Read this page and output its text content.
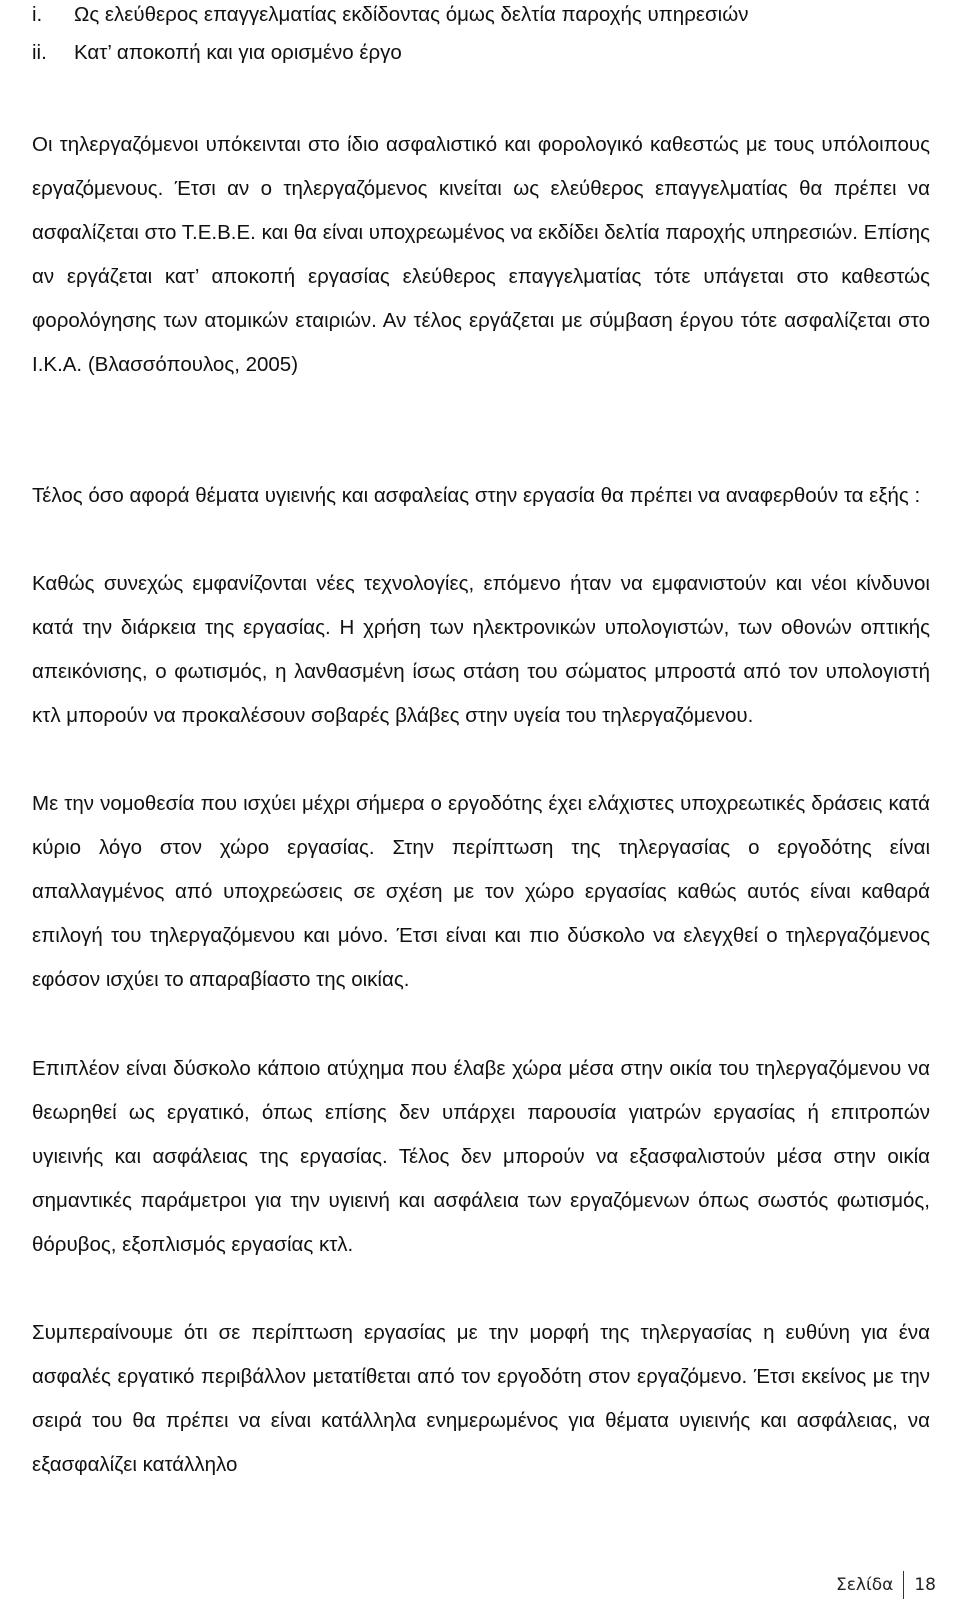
i. Ως ελεύθερος επαγγελματίας εκδίδοντας όμως δελτία παροχής υπηρεσιών
ii. Κατ’ αποκοπή και για ορισμένο έργο

Οι τηλεργαζόμενοι υπόκεινται στο ίδιο ασφαλιστικό και φορολογικό καθεστώς με τους υπόλοιπους εργαζόμενους. Έτσι αν ο τηλεργαζόμενος κινείται ως ελεύθερος επαγγελματίας θα πρέπει να ασφαλίζεται στο Τ.Ε.Β.Ε. και θα είναι υποχρεωμένος να εκδίδει δελτία παροχής υπηρεσιών. Επίσης αν εργάζεται κατ’ αποκοπή εργασίας ελεύθερος επαγγελματίας τότε υπάγεται στο καθεστώς φορολόγησης των ατομικών εταιριών. Αν τέλος εργάζεται με σύμβαση έργου τότε ασφαλίζεται στο Ι.Κ.Α. (Βλασσόπουλος, 2005)

Τέλος όσο αφορά θέματα υγιεινής και ασφαλείας στην εργασία θα πρέπει να αναφερθούν τα εξής :

Καθώς συνεχώς εμφανίζονται νέες τεχνολογίες, επόμενο ήταν να εμφανιστούν και νέοι κίνδυνοι κατά την διάρκεια της εργασίας. Η χρήση των ηλεκτρονικών υπολογιστών, των οθονών οπτικής απεικόνισης, ο φωτισμός, η λανθασμένη ίσως στάση του σώματος μπροστά από τον υπολογιστή κτλ μπορούν να προκαλέσουν σοβαρές βλάβες στην υγεία του τηλεργαζόμενου.

Με την νομοθεσία που ισχύει μέχρι σήμερα ο εργοδότης έχει ελάχιστες υποχρεωτικές δράσεις κατά κύριο λόγο στον χώρο εργασίας. Στην περίπτωση της τηλεργασίας ο εργοδότης είναι απαλλαγμένος από υποχρεώσεις σε σχέση με τον χώρο εργασίας καθώς αυτός είναι καθαρά επιλογή του τηλεργαζόμενου και μόνο. Έτσι είναι και πιο δύσκολο να ελεγχθεί ο τηλεργαζόμενος εφόσον ισχύει το απαραβίαστο της οικίας.

Επιπλέον είναι δύσκολο κάποιο ατύχημα που έλαβε χώρα μέσα στην οικία του τηλεργαζόμενου να θεωρηθεί ως εργατικό, όπως επίσης δεν υπάρχει παρουσία γιατρών εργασίας ή επιτροπών υγιεινής και ασφάλειας της εργασίας. Τέλος δεν μπορούν να εξασφαλιστούν μέσα στην οικία σημαντικές παράμετροι για την υγιεινή και ασφάλεια των εργαζόμενων όπως σωστός φωτισμός, θόρυβος, εξοπλισμός εργασίας κτλ.

Συμπεραίνουμε ότι σε περίπτωση εργασίας με την μορφή της τηλεργασίας η ευθύνη για ένα ασφαλές εργατικό περιβάλλον μετατίθεται από τον εργοδότη στον εργαζόμενο. Έτσι εκείνος με την σειρά του θα πρέπει να είναι κατάλληλα ενημερωμένος για θέματα υγιεινής και ασφάλειας, να εξασφαλίζει κατάλληλο

Σελίδα 18
